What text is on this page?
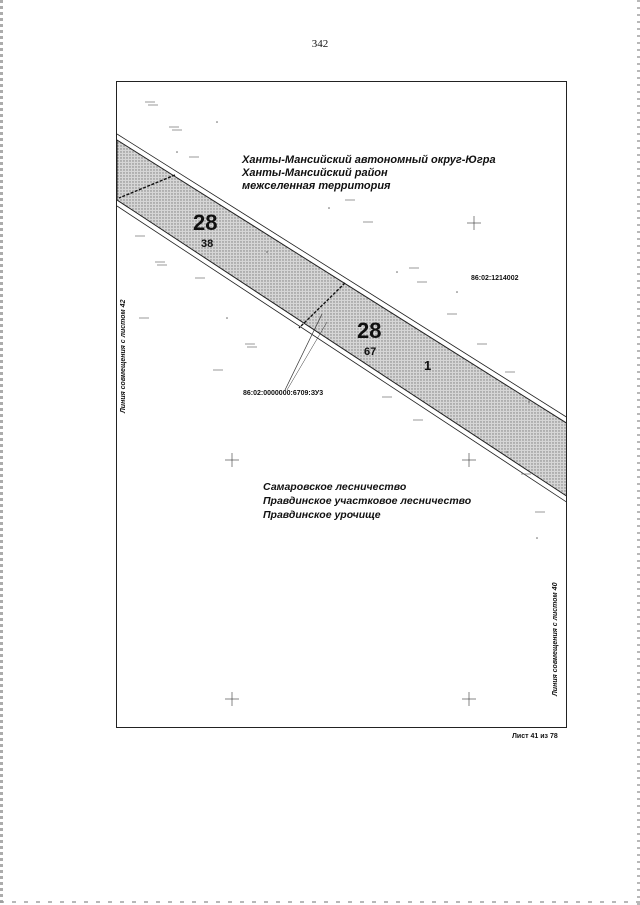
342
Ханты-Мансийский автономный округ-Югра
Ханты-Мансийский район
межселенная территория
86:02:1214002
86:02:0000000:6709:ЗУ3
28
38
28
67
1
Самаровское лесничество
Правдинское участковое лесничество
Правдинское урочище
Линия совмещения с листом 42
Линия совмещения с листом 40
Лист 41 из 78
